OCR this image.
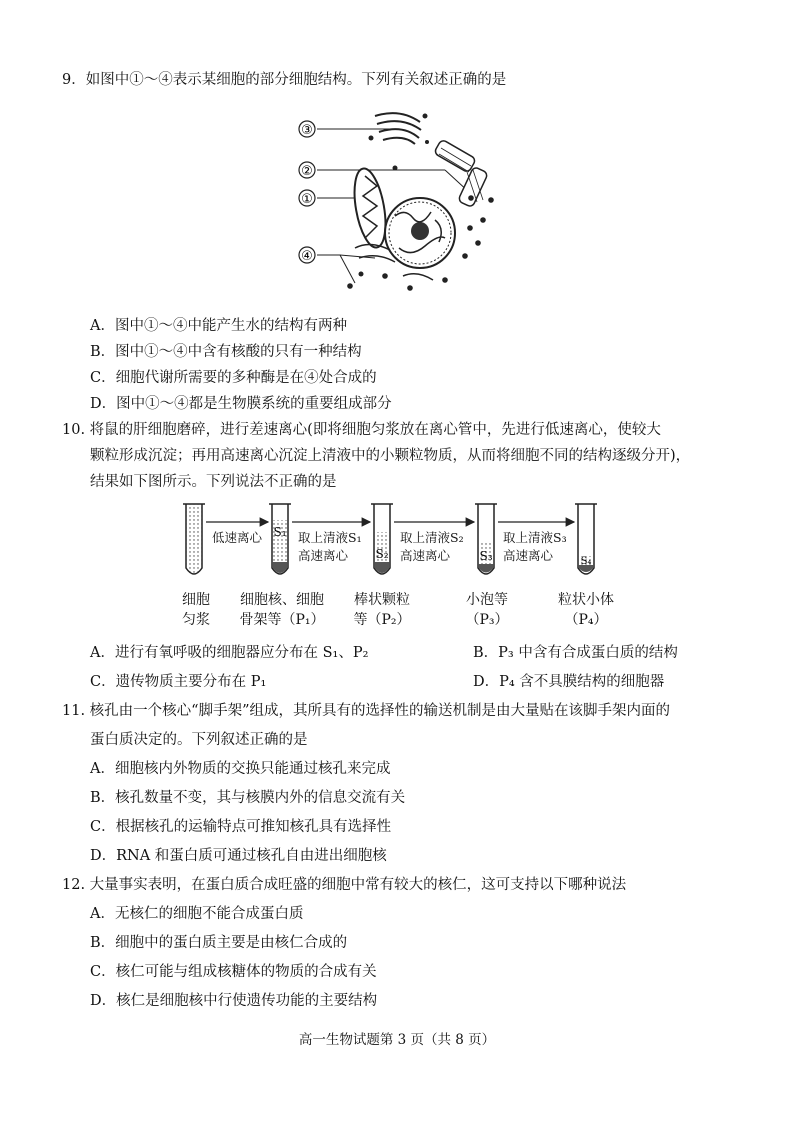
9．如图中①～④表示某细胞的部分细胞结构。下列有关叙述正确的是
③
②
①
④
A．图中①～④中能产生水的结构有两种
B．图中①～④中含有核酸的只有一种结构
C．细胞代谢所需要的多种酶是在④处合成的
D．图中①～④都是生物膜系统的重要组成部分
10. 将鼠的肝细胞磨碎，进行差速离心(即将细胞匀浆放在离心管中，先进行低速离心，使较大
颗粒形成沉淀；再用高速离心沉淀上清液中的小颗粒物质，从而将细胞不同的结构逐级分开)，
结果如下图所示。下列说法不正确的是
S₁
S₂	S₃	S₄
低速离心	取上清液S₁
高速离心
取上清液S₂
高速离心
取上清液S₃
高速离心
细胞
匀浆
细胞核、细胞
骨架等（P₁）
棒状颗粒
等（P₂）
小泡等
（P₃）
粒状小体
（P₄）
A．进行有氧呼吸的细胞器应分布在 S₁、P₂	B．P₃ 中含有合成蛋白质的结构
C．遗传物质主要分布在 P₁	D．P₄ 含不具膜结构的细胞器
11. 核孔由一个核心“脚手架”组成，其所具有的选择性的输送机制是由大量贴在该脚手架内面的
蛋白质决定的。下列叙述正确的是
A．细胞核内外物质的交换只能通过核孔来完成
B．核孔数量不变，其与核膜内外的信息交流有关
C．根据核孔的运输特点可推知核孔具有选择性
D．RNA 和蛋白质可通过核孔自由进出细胞核
12. 大量事实表明，在蛋白质合成旺盛的细胞中常有较大的核仁，这可支持以下哪种说法
A．无核仁的细胞不能合成蛋白质
B．细胞中的蛋白质主要是由核仁合成的
C．核仁可能与组成核糖体的物质的合成有关
D．核仁是细胞核中行使遗传功能的主要结构
高一生物试题第 3 页（共 8 页）
